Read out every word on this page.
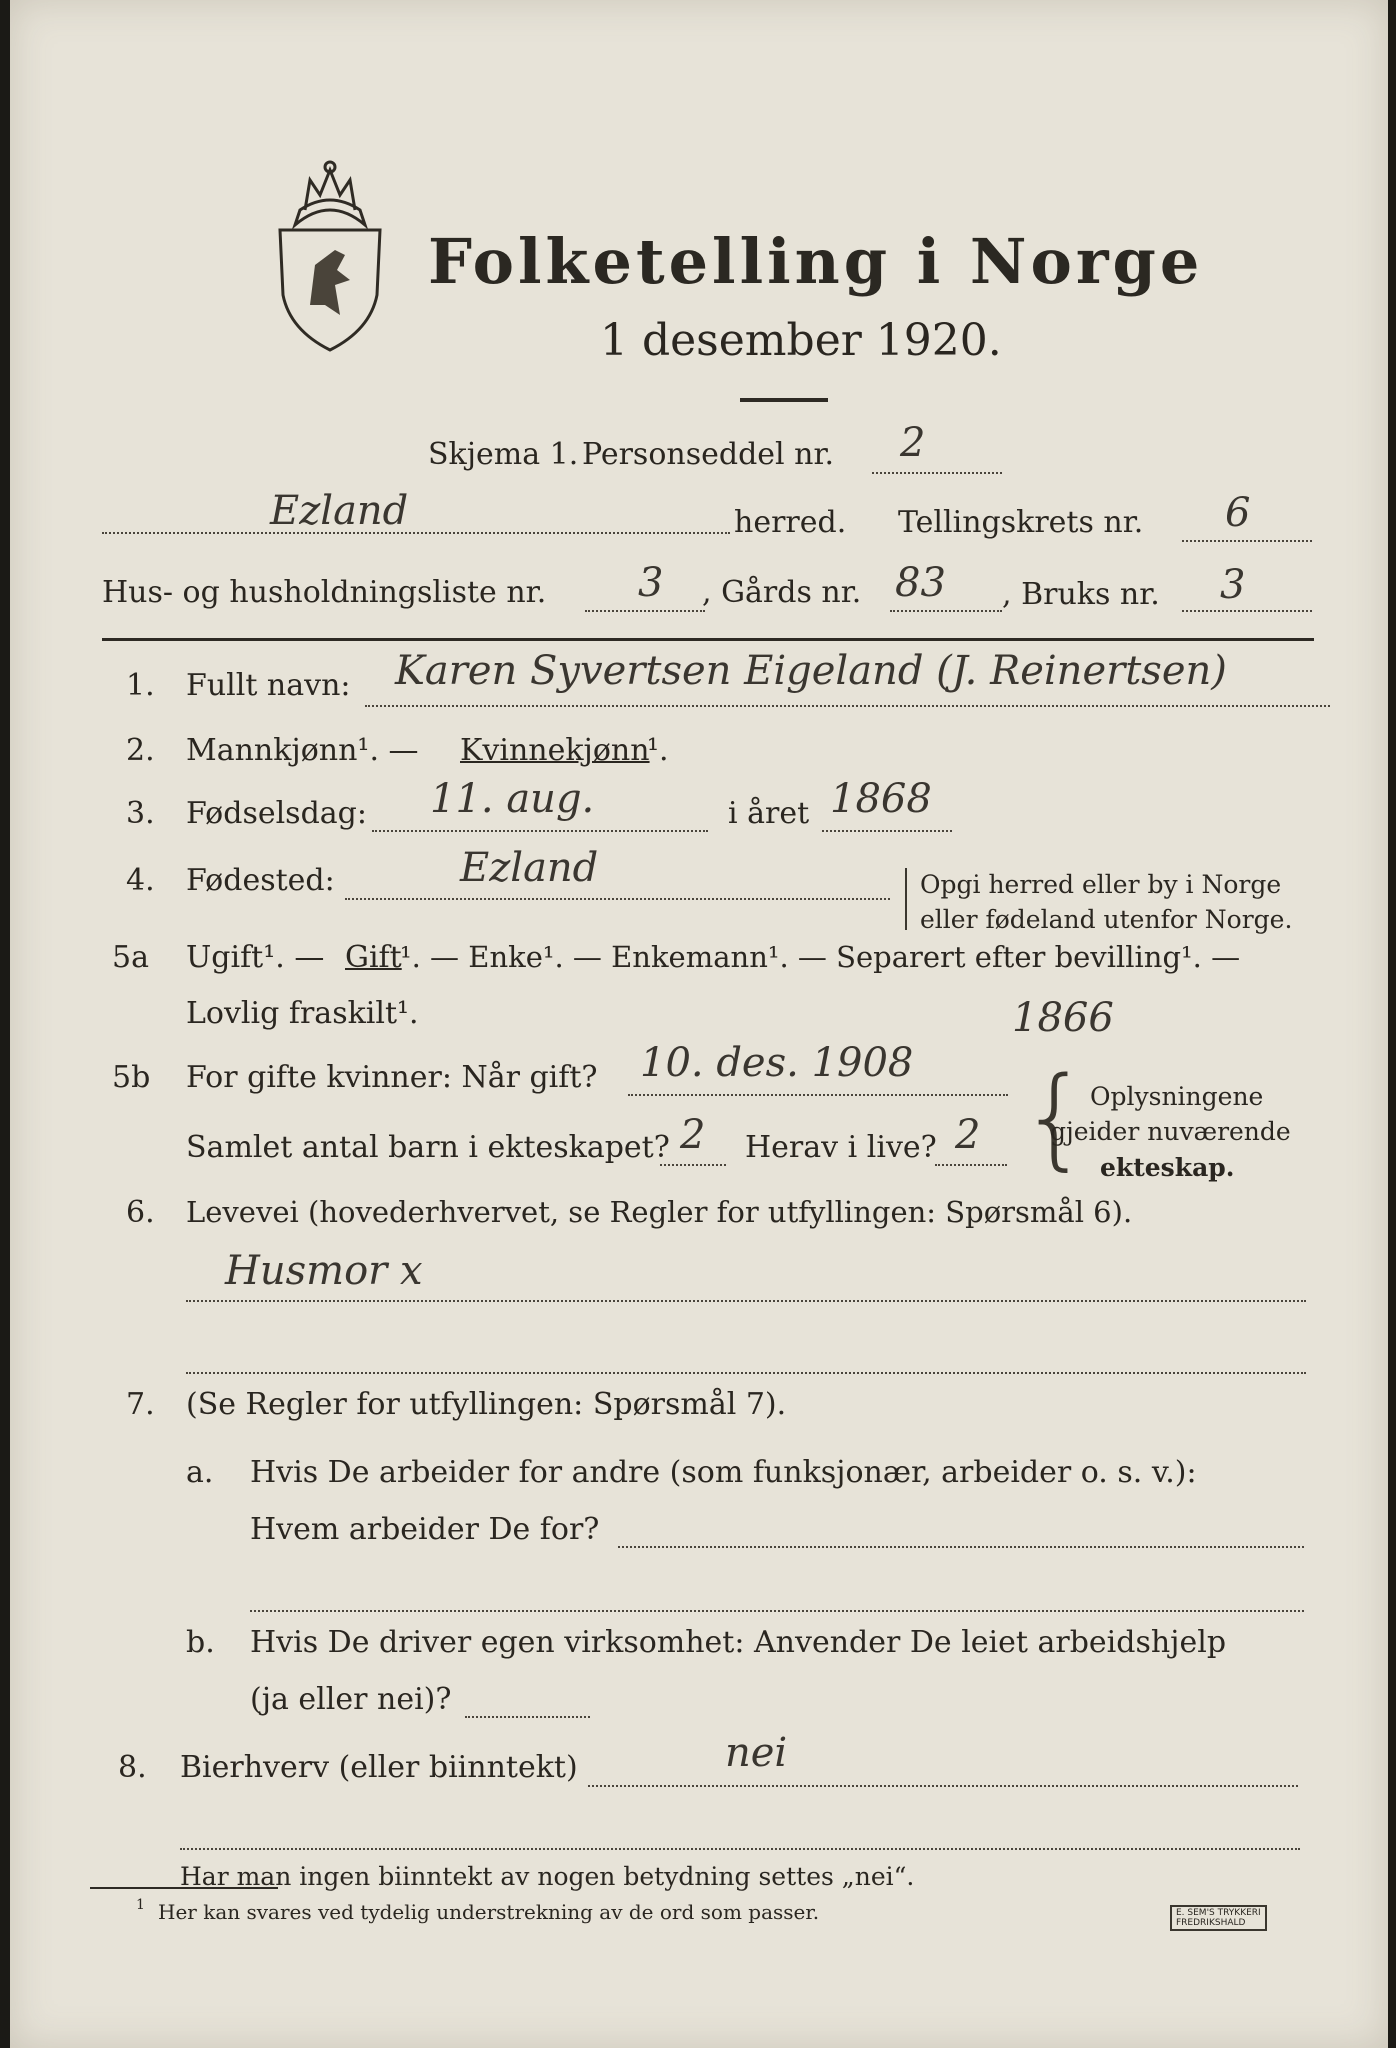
Folketelling i Norge
1 desember 1920.
Skjema 1. Personseddel nr. 2
Ezland	herred. Tellingskrets nr. 6
Hus- og husholdningsliste nr. 3 , Gårds nr. 83 , Bruks nr. 3
1. Fullt navn: Karen Syvertsen Eigeland (J. Reinertsen)
2. Mannkjønn¹. — Kvinnekjønn
¹.
3. Fødselsdag: 11. aug.	i året 1868
4. Fødested:	Ezland	Opgi herred eller by i Norge
eller fødeland utenfor Norge.
5a Ugift¹. — Gift
¹. — Enke¹. — Enkemann¹. — Separert efter bevilling¹. —
Lovlig fraskilt¹.	1866
5b For gifte kvinner: Når gift? 10. des. 1908
Samlet antal barn i ekteskapet? 2 Herav i live? 2 { Oplysningene
gjeider nuværende
ekteskap.
6. Levevei (hovederhvervet, se Regler for utfyllingen: Spørsmål 6).
Husmor x
7. (Se Regler for utfyllingen: Spørsmål 7).
a. Hvis De arbeider for andre (som funksjonær, arbeider o. s. v.):
Hvem arbeider De for?
b. Hvis De driver egen virksomhet: Anvender De leiet arbeidshjelp
(ja eller nei)?
8. Bierhverv (eller biinntekt)	nei
Har man ingen biinntekt av nogen betydning settes „nei“.
1 Her kan svares ved tydelig understrekning av de ord som passer.	E. SEM'S TRYKKERI
FREDRIKSHALD
